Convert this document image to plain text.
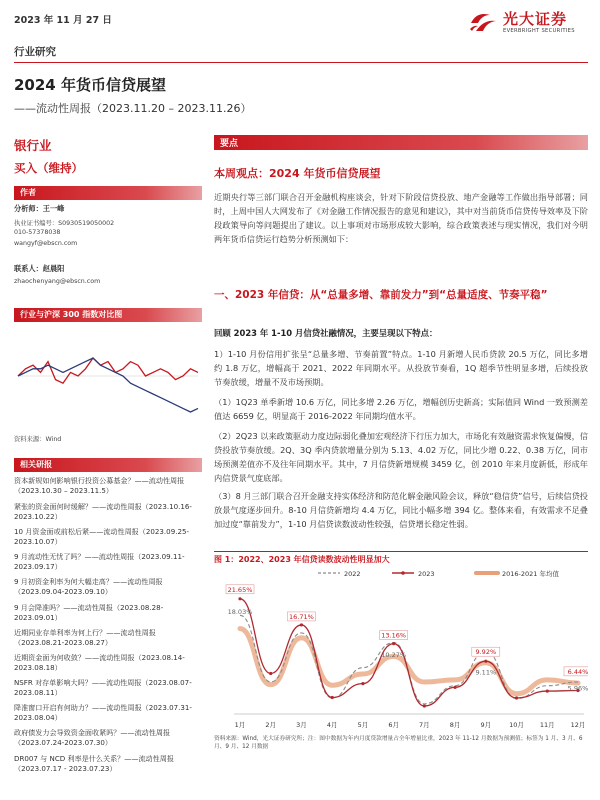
2023 年 11 月 27 日	光大证券
EVERBRIGHT SECURITIES
行业研究
2024 年货币信贷展望
——流动性周报（2023.11.20 – 2023.11.26）
银行业
买入（维持）
作者
分析师：王一峰
执业证书编号：S0930519050002
010-57378038
wangyf@ebscn.com
联系人：赵晨阳
zhaochenyang@ebscn.com
行业与沪深 300 指数对比图
资料来源：Wind
相关研报
资本新规如何影响银行投资公募基金？——流动性周报（2023.10.30 – 2023.11.5）
紧张的资金面何时缓解？——流动性周报（2023.10.16-2023.10.22）
10 月资金面或前松后紧——流动性周报（2023.09.25-2023.10.07）
9 月流动性无忧了吗？——流动性周报（2023.09.11-2023.09.17）
9 月初资金利率为何大幅走高？——流动性周报（2023.09.04-2023.09.10）
9 月会降准吗？——流动性周报（2023.08.28-2023.09.01）
近期同业存单利率为何上行？——流动性周报（2023.08.21-2023.08.27）
近期资金面为何收敛？——流动性周报（2023.08.14-2023.08.18）
NSFR 对存单影响大吗？——流动性周报（2023.08.07-2023.08.11）
降准窗口开启有何助力？——流动性周报（2023.07.31-2023.08.04）
政府债发力会导致资金面收紧吗？——流动性周报（2023.07.24-2023.07.30）
DR007 与 NCD 利率是什么关系？——流动性周报（2023.07.17 - 2023.07.23）
要点
本周观点：2024 年货币信贷展望
近期央行等三部门联合召开金融机构座谈会，针对下阶段信贷投放、地产金融等工作做出指导部署；同时，上周中国人大网发布了《对金融工作情况报告的意见和建议》，其中对当前货币信贷传导效率及下阶段政策导向等问题提出了建议。以上事项对市场形成较大影响，综合政策表述与现实情况，我们对今明两年货币信贷运行趋势分析预测如下：
一、2023 年信贷：从“总量多增、靠前发力”到“总量适度、节奏平稳”
回顾 2023 年 1-10 月信贷社融情况，主要呈现以下特点：
1）1-10 月份信用扩张呈“总量多增、节奏前置”特点。1-10 月新增人民币贷款 20.5 万亿，同比多增约 1.8 万亿，增幅高于 2021、2022 年同期水平。从投放节奏看，1Q 超季节性明显多增，后续投放节奏放缓，增量不及市场预期。
（1）1Q23 单季新增 10.6 万亿，同比多增 2.26 万亿，增幅创历史新高；实际值同 Wind 一致预测差值达 6659 亿，明显高于 2016-2022 年同期均值水平。
（2）2Q23 以来政策驱动力度边际弱化叠加宏观经济下行压力加大，市场化有效融资需求恢复偏慢，信贷投放节奏放缓。2Q、3Q 季内贷款增量分别为 5.13、4.02 万亿，同比少增 0.22、0.38 万亿，同市场预测差值亦不及往年同期水平。其中，7 月信贷新增规模 3459 亿，创 2010 年来月度新低，形成年内信贷景气度底部。
（3）8 月三部门联合召开金融支持实体经济和防范化解金融风险会议，释放“稳信贷”信号，后续信贷投放景气度逐步回升。8-10 月信贷新增均 4.4 万亿，同比小幅多增 394 亿。整体来看，有效需求不足叠加过度“靠前发力”，1-10 月信贷读数波动性较强，信贷增长稳定性弱。
图 1：2022、2023 年信贷读数波动性明显加大
2022	2023	2016-2021 年均值
1月	2月	3月	4月	5月	6月	7月	8月	9月	10月 11月 12月
21.65%
18.03%
16.71%
13.16%
10.27%	9.92%
9.11%	6.44%
5.96%
资料来源：Wind，光大证券研究所；注：图中数据为年内月度贷款增量占全年增量比重，2023 年 11-12 月数据为预测值；标签为 1 月、3 月、6 月、9 月、12 月数据
